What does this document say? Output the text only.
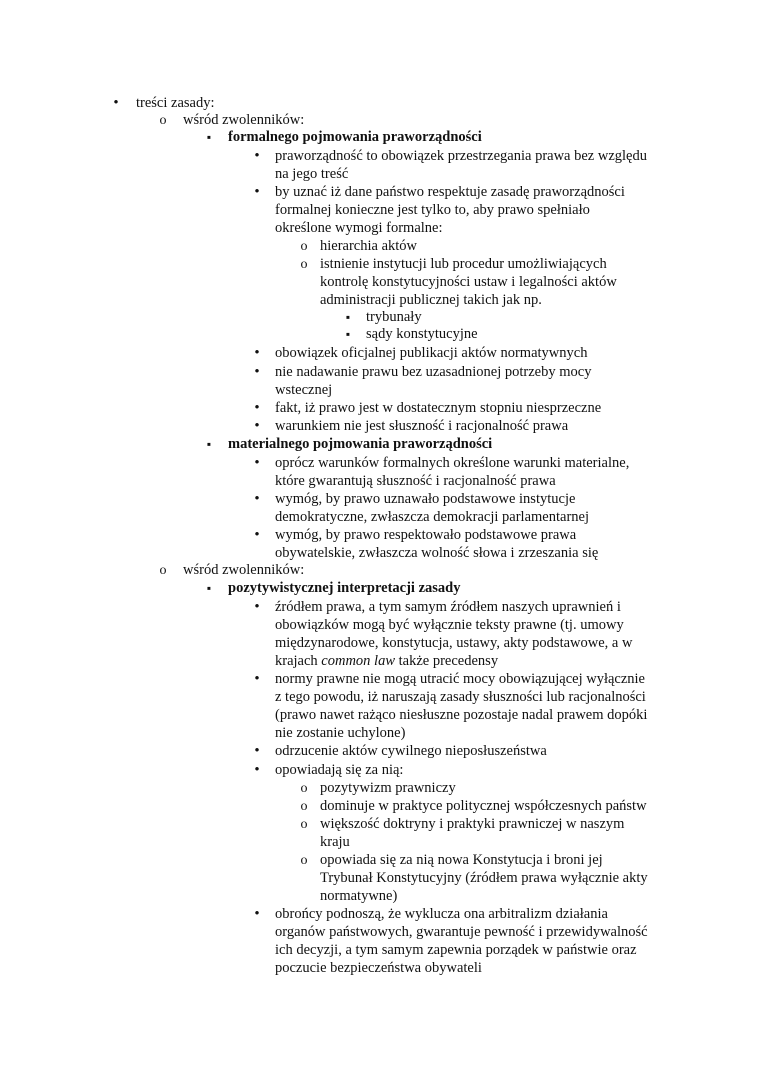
•
treści zasady:
o
wśród zwolenników:
▪
formalnego pojmowania praworządności
•
praworządność to obowiązek przestrzegania prawa bez względu
na jego treść
•
by uznać iż dane państwo respektuje zasadę praworządności
formalnej konieczne jest tylko to, aby prawo spełniało
określone wymogi formalne:
o
hierarchia aktów
o
istnienie instytucji lub procedur umożliwiających
kontrolę konstytucyjności ustaw i legalności aktów
administracji publicznej takich jak np.
▪
trybunały
▪
sądy konstytucyjne
•
obowiązek oficjalnej publikacji aktów normatywnych
•
nie nadawanie prawu bez uzasadnionej potrzeby mocy
wstecznej
•
fakt, iż prawo jest w dostatecznym stopniu niesprzeczne
•
warunkiem nie jest słuszność i racjonalność prawa
▪
materialnego pojmowania praworządności
•
oprócz warunków formalnych określone warunki materialne,
które gwarantują słuszność i racjonalność prawa
•
wymóg, by prawo uznawało podstawowe instytucje
demokratyczne, zwłaszcza demokracji parlamentarnej
•
wymóg, by prawo respektowało podstawowe prawa
obywatelskie, zwłaszcza wolność słowa i zrzeszania się
o
wśród zwolenników:
▪
pozytywistycznej interpretacji zasady
•
źródłem prawa, a tym samym źródłem naszych uprawnień i
obowiązków mogą być wyłącznie teksty prawne (tj. umowy
międzynarodowe, konstytucja, ustawy, akty podstawowe, a w
krajach common law także precedensy
•
normy prawne nie mogą utracić mocy obowiązującej wyłącznie
z tego powodu, iż naruszają zasady słuszności lub racjonalności
(prawo nawet rażąco niesłuszne pozostaje nadal prawem dopóki
nie zostanie uchylone)
•
odrzucenie aktów cywilnego nieposłuszeństwa
•
opowiadają się za nią:
o
pozytywizm prawniczy
o
dominuje w praktyce politycznej współczesnych państw
o
większość doktryny i praktyki prawniczej w naszym
kraju
o
opowiada się za nią nowa Konstytucja i broni jej
Trybunał Konstytucyjny (źródłem prawa wyłącznie akty
normatywne)
•
obrońcy podnoszą, że wyklucza ona arbitralizm działania
organów państwowych, gwarantuje pewność i przewidywalność
ich decyzji, a tym samym zapewnia porządek w państwie oraz
poczucie bezpieczeństwa obywateli
